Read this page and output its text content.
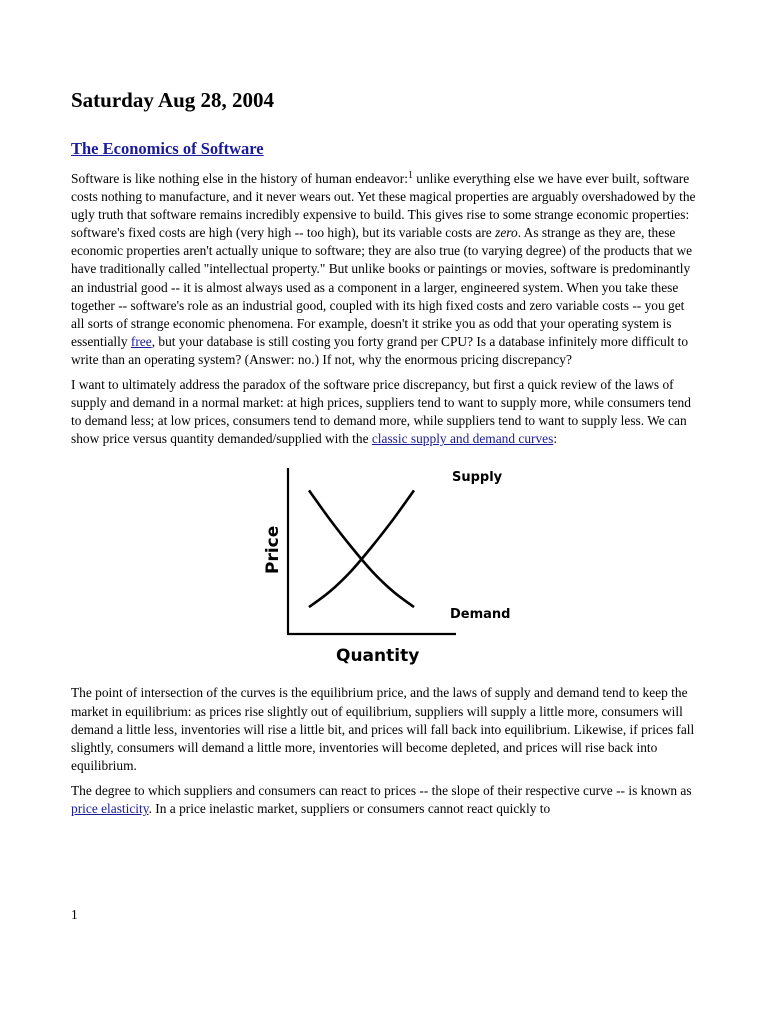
Saturday Aug 28, 2004
The Economics of Software

Software is like nothing else in the history of human endeavor:$^1$ unlike everything else we have ever built, software costs nothing to manufacture, and it never wears out. Yet these magical properties are arguably overshadowed by the ugly truth that software remains incredibly expensive to build. This gives rise to some strange economic properties: software's fixed costs are high (very high -- too high), but its variable costs are zero. As strange as they are, these economic properties aren't actually unique to software; they are also true (to varying degree) of the products that we have traditionally called "intellectual property." But unlike books or paintings or movies, software is predominantly an industrial good -- it is almost always used as a component in a larger, engineered system. When you take these together -- software's role as an industrial good, coupled with its high fixed costs and zero variable costs -- you get all sorts of strange economic phenomena. For example, doesn't it strike you as odd that your operating system is essentially free, but your database is still costing you forty grand per CPU? Is a database infinitely more difficult to write than an operating system? (Answer: no.) If not, why the enormous pricing discrepancy?

I want to ultimately address the paradox of the software price discrepancy, but first a quick review of the laws of supply and demand in a normal market: at high prices, suppliers tend to want to supply more, while consumers tend to demand less; at low prices, consumers tend to demand more, while suppliers tend to want to supply less. We can show price versus quantity demanded/supplied with the classic supply and demand curves:

Supply
Demand
Quantity
Price

The point of intersection of the curves is the equilibrium price, and the laws of supply and demand tend to keep the market in equilibrium: as prices rise slightly out of equilibrium, suppliers will supply a little more, consumers will demand a little less, inventories will rise a little bit, and prices will fall back into equilibrium. Likewise, if prices fall slightly, consumers will demand a little more, inventories will become depleted, and prices will rise back into equilibrium.

The degree to which suppliers and consumers can react to prices -- the slope of their respective curve -- is known as price elasticity. In a price inelastic market, suppliers or consumers cannot react quickly to

1
